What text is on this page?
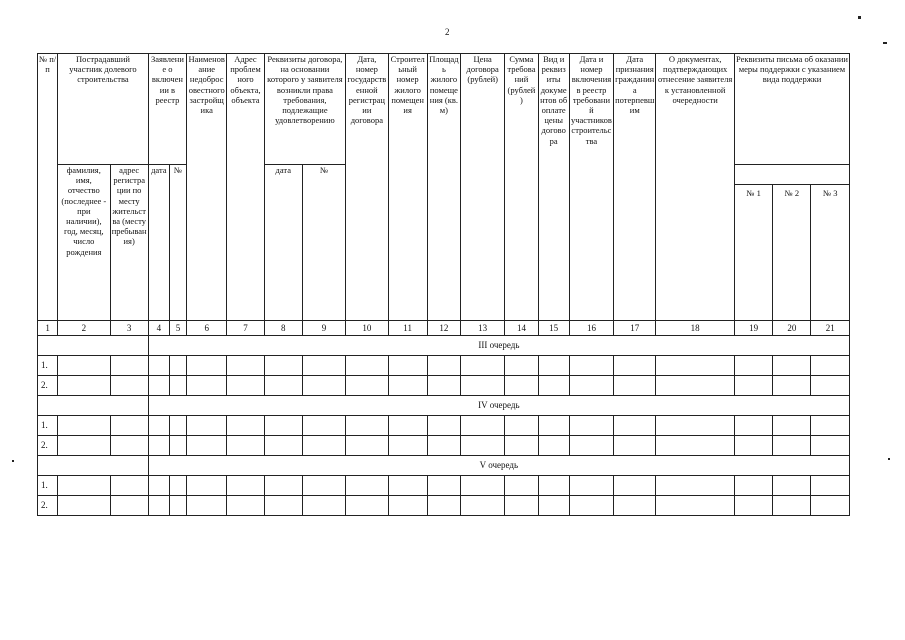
2
№ п/п	Пострадавший участник долевого строительства		Заявление о включении в реестр		Наименование недобросовестного застройщика	Адрес проблемного объекта, объекта	Реквизиты договора, на основании которого у заявителя возникли права требования, подлежащие удовлетворению		Дата, номер государственной регистрации договора	Строительный номер жилого помещения	Площадь жилого помещения (кв. м)	Цена договора (рублей)	Сумма требований (рублей)	Вид и реквизиты документов об оплате цены договора	Дата и номер включения в реестр требований участников строительства	Дата признания гражданина потерпевшим	О документах, подтверждающих отнесение заявителя к установленной очередности	Реквизиты письма об оказании меры поддержки с указанием вида поддержки		
	фамилия, имя, отчество (последнее - при наличии), год, месяц, число рождения	адрес регистрации по месту жительства (месту пребывания)	дата	№			дата	№												
																		№ 1	№ 2	№ 3
1	2	3	4	5	6	7	8	9	10	11	12	13	14	15	16	17	18	19	20	21
			III очередь																	
1.																				
2.																				
			IV очередь																	
1.																				
2.																				
			V очередь																	
1.																				
2.																				
